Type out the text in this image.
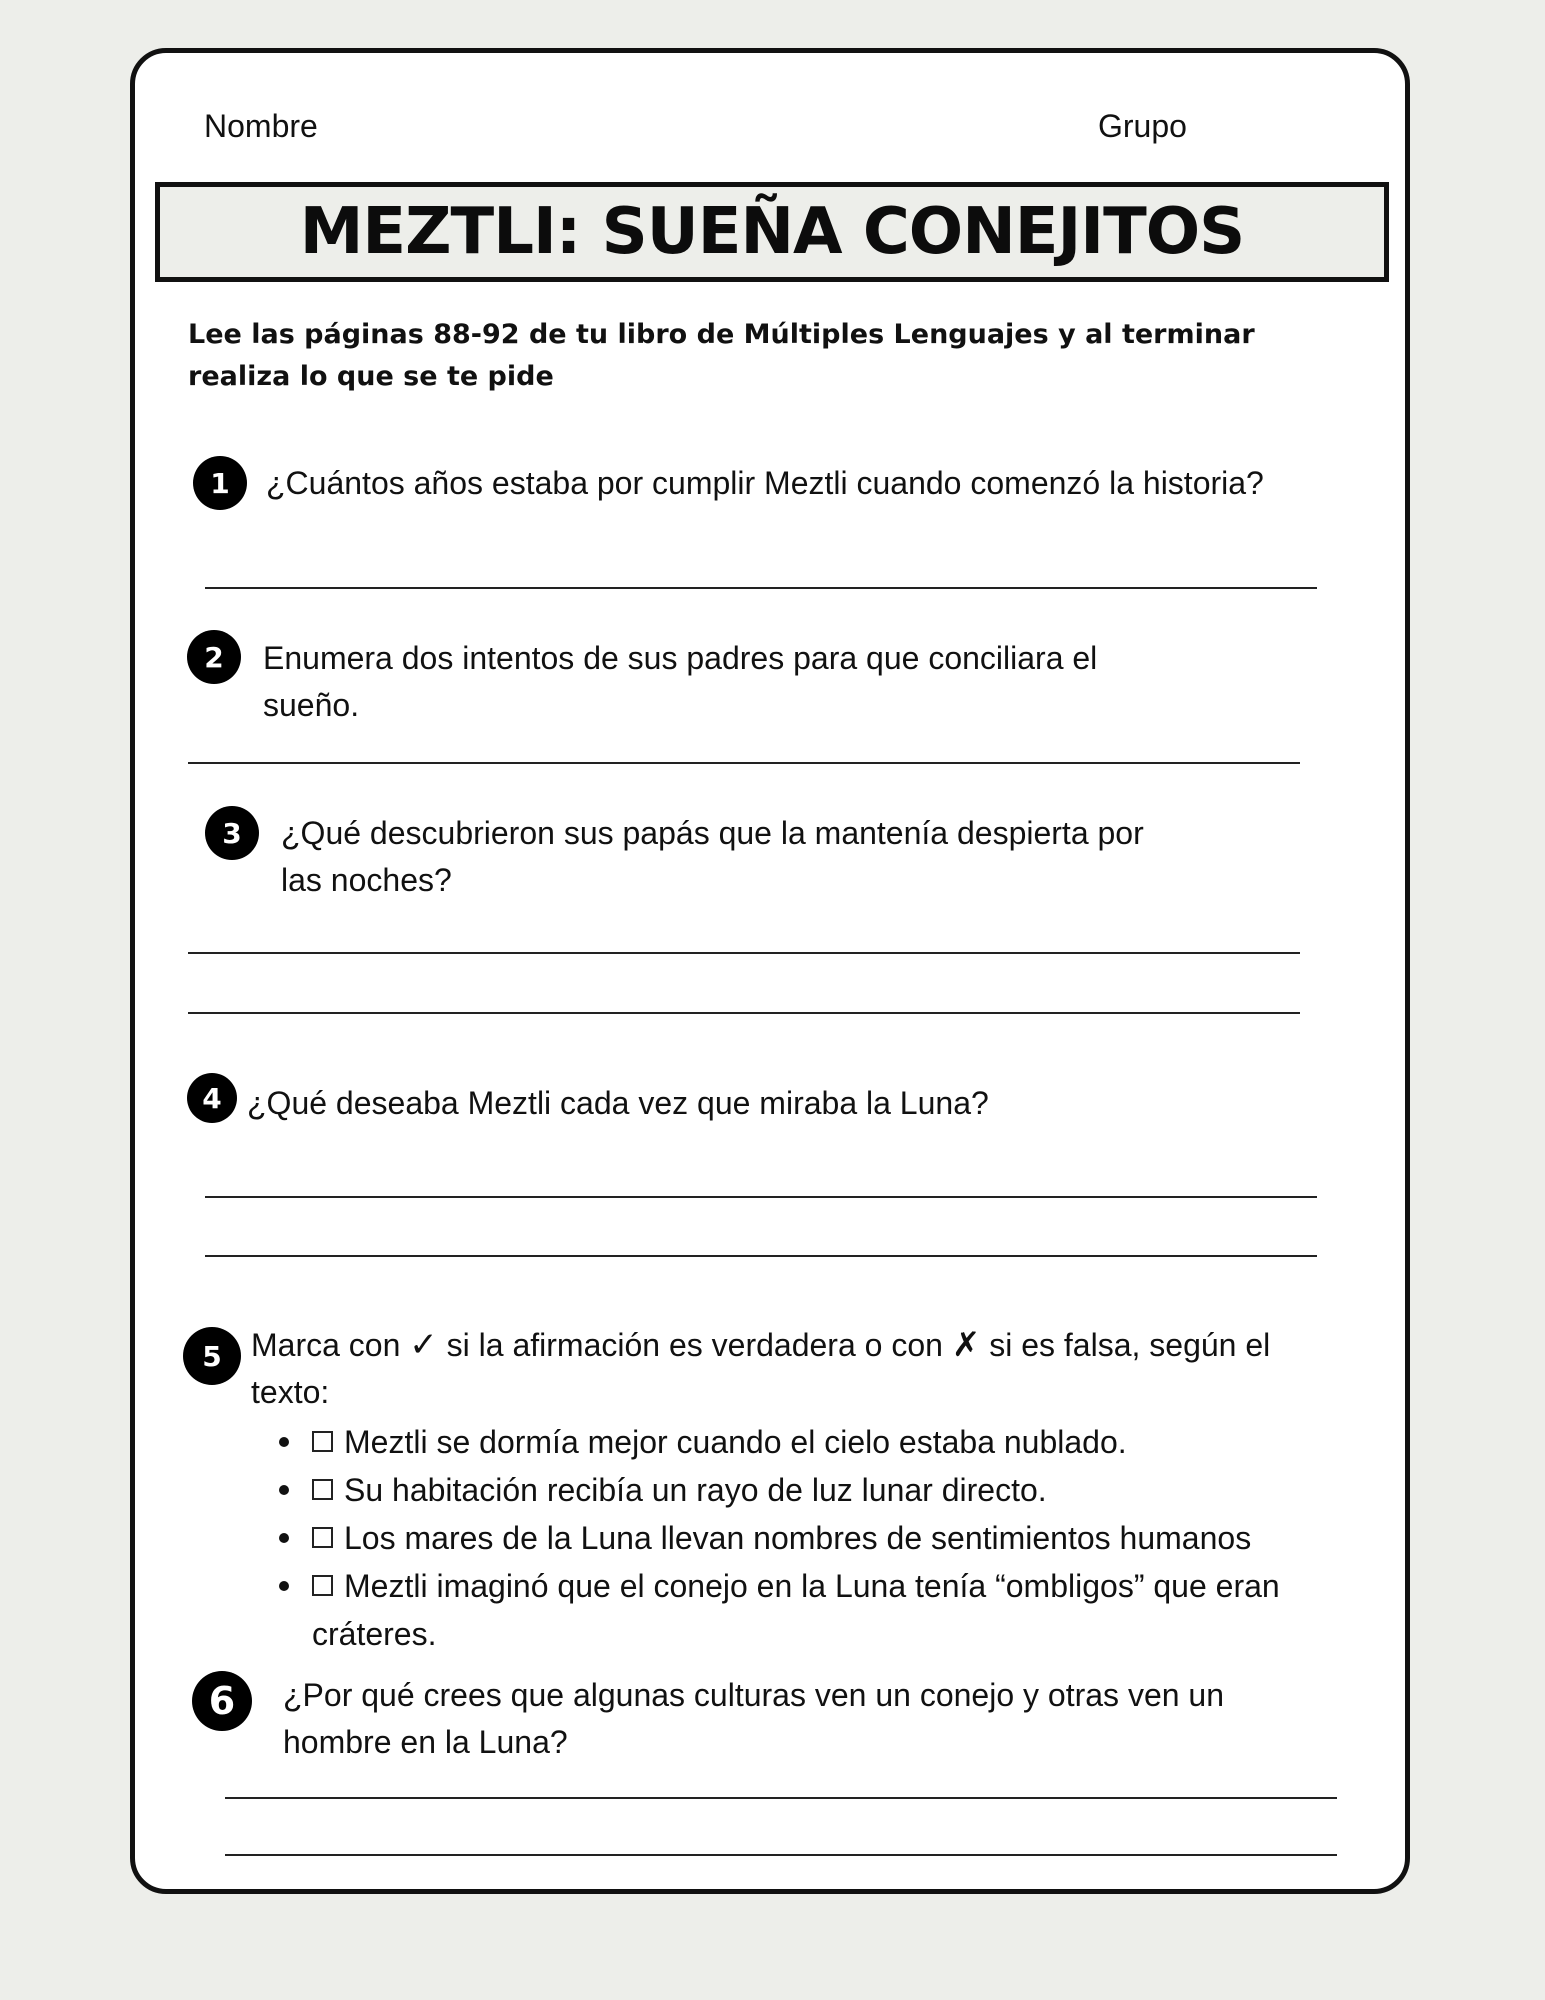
Nombre	Grupo
MEZTLI: SUEÑA CONEJITOS
Lee las páginas 88-92 de tu libro de Múltiples Lenguajes y al terminar realiza lo que se te pide
1	¿Cuántos años estaba por cumplir Meztli cuando comenzó la historia?
2	Enumera dos intentos de sus padres para que conciliara el
sueño.
3	¿Qué descubrieron sus papás que la mantenía despierta por
las noches?
4 ¿Qué deseaba Meztli cada vez que miraba la Luna?
5 Marca con ✓ si la afirmación es verdadera o con ✗ si es falsa, según el
texto:
Meztli se dormía mejor cuando el cielo estaba nublado.
Su habitación recibía un rayo de luz lunar directo.
Los mares de la Luna llevan nombres de sentimientos humanos
Meztli imaginó que el conejo en la Luna tenía “ombligos” que eran
cráteres.
6	¿Por qué crees que algunas culturas ven un conejo y otras ven un
hombre en la Luna?
